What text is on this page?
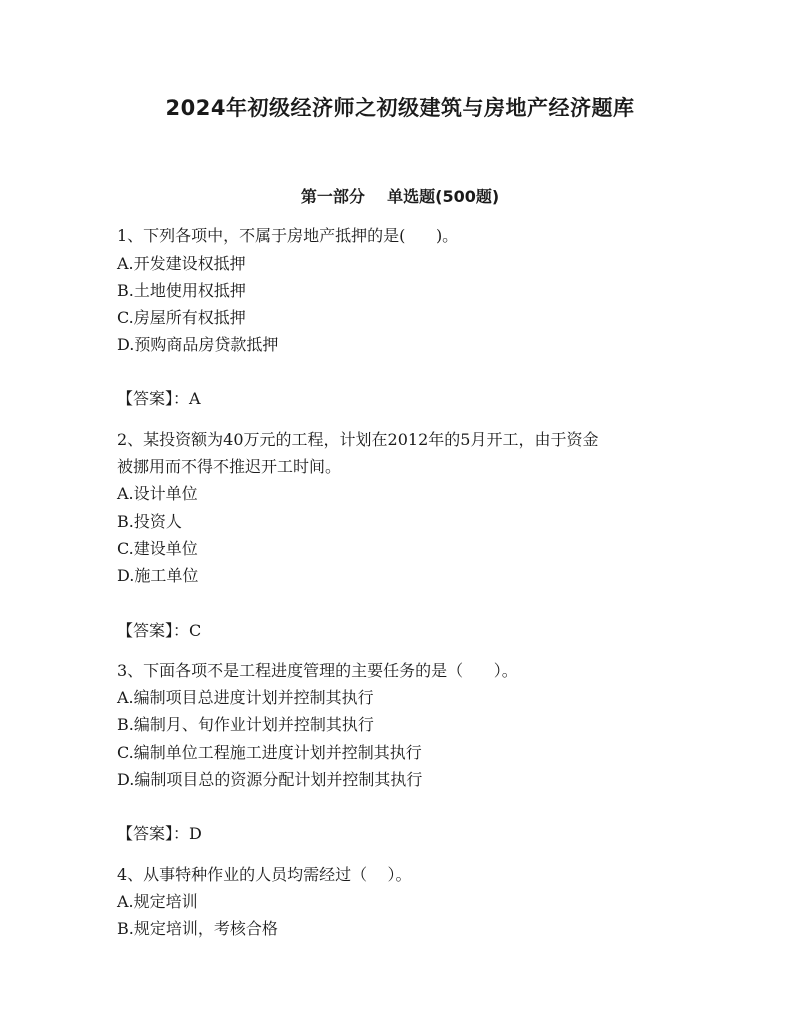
2024年初级经济师之初级建筑与房地产经济题库
第一部分    单选题(500题)
1、下列各项中，不属于房地产抵押的是(      )。
A.开发建设权抵押
B.土地使用权抵押
C.房屋所有权抵押
D.预购商品房贷款抵押
【答案】：A
2、某投资额为40万元的工程，计划在2012年的5月开工，由于资金
被挪用而不得不推迟开工时间。
A.设计单位
B.投资人
C.建设单位
D.施工单位
【答案】：C
3、下面各项不是工程进度管理的主要任务的是（      ）。
A.编制项目总进度计划并控制其执行
B.编制月、旬作业计划并控制其执行
C.编制单位工程施工进度计划并控制其执行
D.编制项目总的资源分配计划并控制其执行
【答案】：D
4、从事特种作业的人员均需经过（    ）。
A.规定培训
B.规定培训，考核合格
